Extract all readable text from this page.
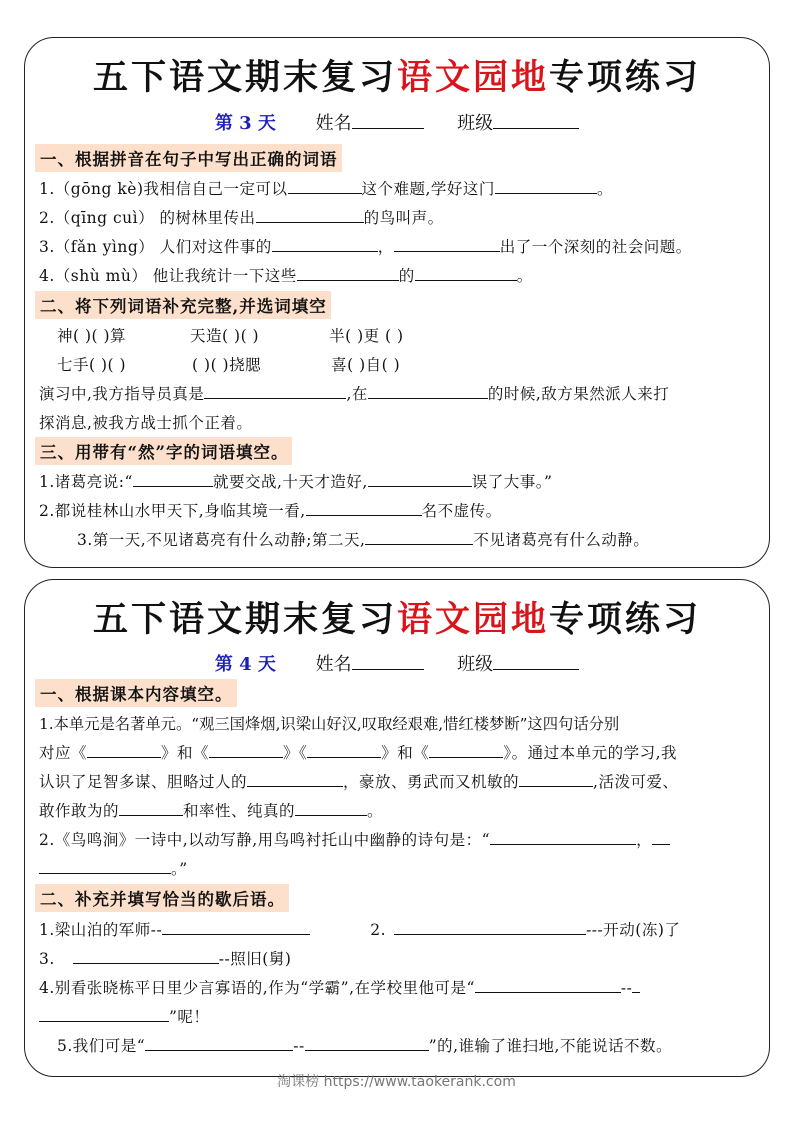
五下语文期末复习语文园地专项练习
第 3 天 姓名	班级
一、根据拼音在句子中写出正确的词语
1.（gōng kè)我相信自己一定可以	这个难题,学好这门	。
2.（qīng cuì） 的树林里传出	的鸟叫声。
3.（fǎn yìng） 人们对这件事的	，	出了一个深刻的社会问题。
4.（shù mù） 他让我统计一下这些	的	。
二、将下列词语补充完整,并选词填空
神( )( )算	天造( )( )	半( )更 ( )
七手( )( )	( )( )挠腮	喜( )自( )
演习中,我方指导员真是	,在	的时候,敌方果然派人来打
探消息,被我方战士抓个正着。
三、用带有“然”字的词语填空。
1.诸葛亮说:“	就要交战,十天才造好,	误了大事。”
2.都说桂林山水甲天下,身临其境一看,	名不虚传。
3.第一天,不见诸葛亮有什么动静;第二天,	不见诸葛亮有什么动静。
五下语文期末复习语文园地专项练习
第 4 天 姓名	班级
一、根据课本内容填空。
1.本单元是名著单元。“观三国烽烟,识梁山好汉,叹取经艰难,惜红楼梦断”这四句话分别
对应《	》和《	》《	》和《	》。通过本单元的学习,我
认识了足智多谋、胆略过人的	，豪放、勇武而又机敏的	,活泼可爱、
敢作敢为的	和率性、纯真的	。
2.《鸟鸣涧》一诗中,以动写静,用鸟鸣衬托山中幽静的诗句是：“	，
。”
二、补充并填写恰当的歇后语。
1.梁山泊的军师--	2.	---开动(冻)了
3.	--照旧(舅)
4.别看张晓栋平日里少言寡语的,作为“学霸”,在学校里他可是“	--
”呢！
5.我们可是“	--	”的,谁输了谁扫地,不能说话不数。
淘课榜 https://www.taokerank.com
